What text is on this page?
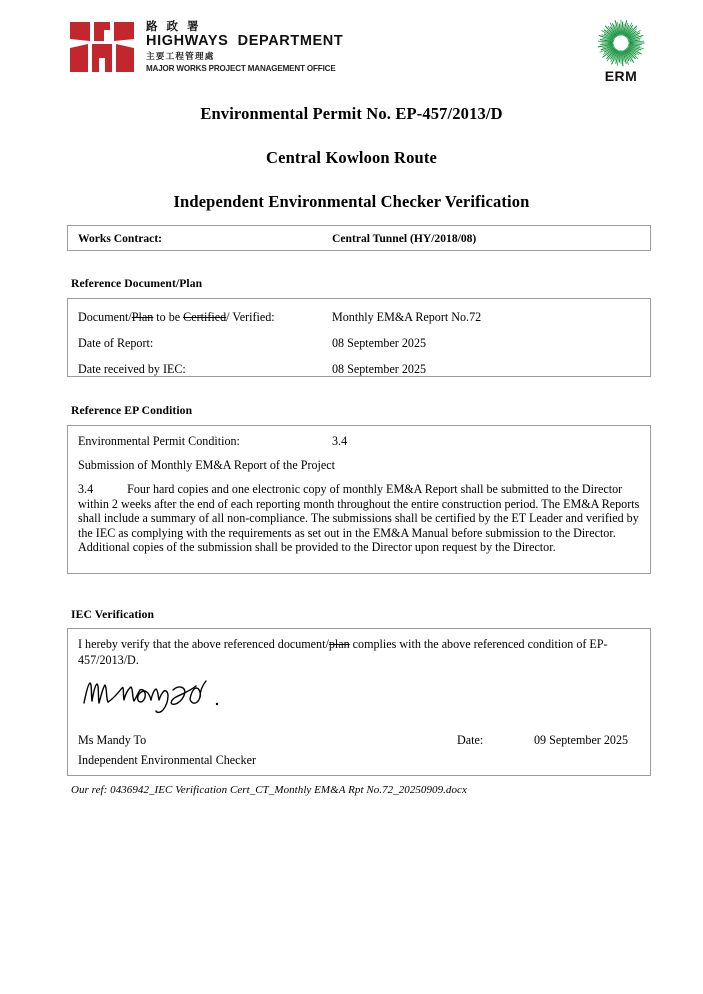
路 政 署
HIGHWAYS  DEPARTMENT
主要工程管理處
MAJOR WORKS PROJECT MANAGEMENT OFFICE	ERM
Environmental Permit No. EP-457/2013/D
Central Kowloon Route
Independent Environmental Checker Verification
Works Contract:	Central Tunnel (HY/2018/08)
Reference Document/Plan
Document/Plan to be Certified/ Verified:	Monthly EM&A Report No.72
Date of Report:	08 September 2025
Date received by IEC:	08 September 2025
Reference EP Condition
Environmental Permit Condition:	3.4
Submission of Monthly EM&A Report of the Project
3.4	Four hard copies and one electronic copy of monthly EM&A Report shall be submitted to the Director within 2 weeks after the end of each reporting month throughout the entire construction period. The EM&A Reports shall include a summary of all non-compliance. The submissions shall be certified by the ET Leader and verified by the IEC as complying with the requirements as set out in the EM&A Manual before submission to the Director. Additional copies of the submission shall be provided to the Director upon request by the Director.
IEC Verification
I hereby verify that the above referenced document/plan complies with the above referenced condition of EP-457/2013/D.
Ms Mandy To
Independent Environmental Checker
Date:	09 September 2025
Our ref: 0436942_IEC Verification Cert_CT_Monthly EM&A Rpt No.72_20250909.docx
